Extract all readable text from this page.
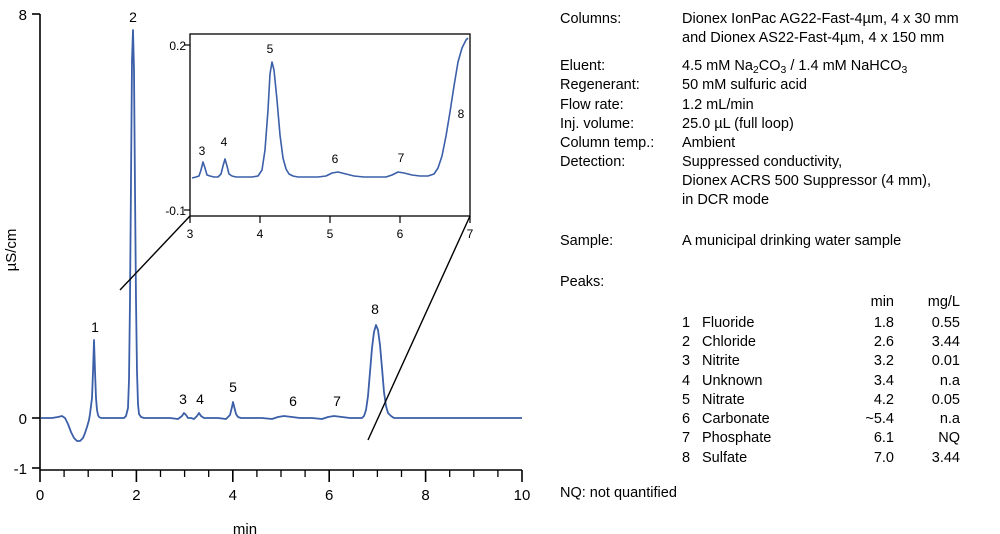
8
0
-1
µS/cm
0	2	4	6	8	10
min
1
2
3 4
5
6	7
8
0.2
-0.1
3	4	5	6	7
3
4
5
6	7
8
Columns:	Dionex IonPac AG22-Fast-4µm, 4 x 30 mm
and Dionex AS22-Fast-4µm, 4 x 150 mm
Eluent:	4.5 mM $Na_2CO_3 / 1.4$ mM NaHCO$_3$
Regenerant:	50 mM sulfuric acid
Flow rate:	1.2 mL/min
Inj. volume:	25.0 µL (full loop)
Column temp.:	Ambient
Detection:	Suppressed conductivity,
Dionex ACRS 500 Suppressor (4 mm),
in DCR mode
Sample:	A municipal drinking water sample
Peaks:
		min	mg/L
1	Fluoride	1.8	0.55
2	Chloride	2.6	3.44
3	Nitrite	3.2	0.01
4	Unknown	3.4	n.a
5	Nitrate	4.2	0.05
6	Carbonate	~5.4	n.a
7	Phosphate	6.1	NQ
8	Sulfate	7.0	3.44
NQ: not quantified
